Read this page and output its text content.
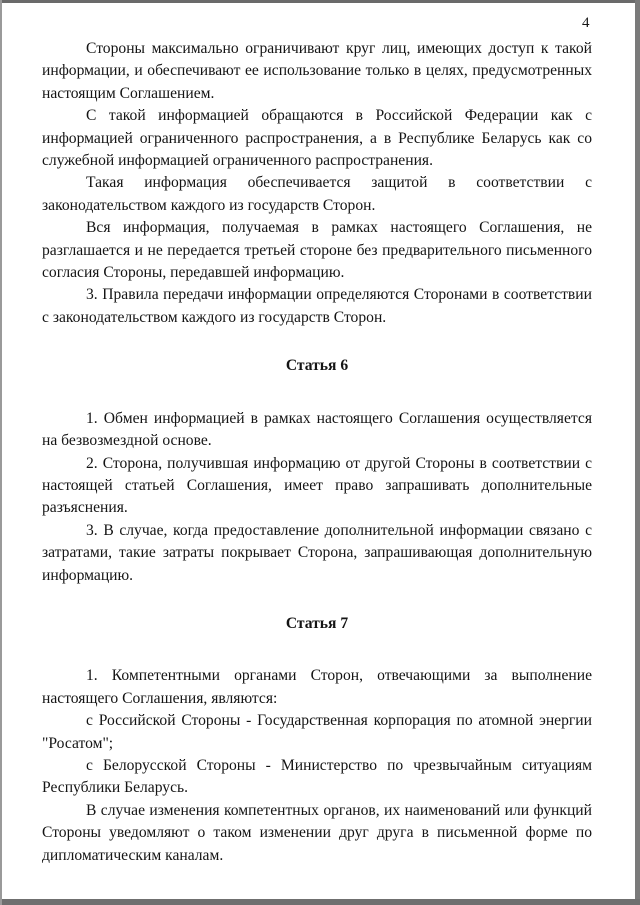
4

Стороны максимально ограничивают круг лиц, имеющих доступ к такой информации, и обеспечивают ее использование только в целях, предусмотренных настоящим Соглашением.

С такой информацией обращаются в Российской Федерации как с информацией ограниченного распространения, а в Республике Беларусь как со служебной информацией ограниченного распространения.

Такая информация обеспечивается защитой в соответствии с законодательством каждого из государств Сторон.

Вся информация, получаемая в рамках настоящего Соглашения, не разглашается и не передается третьей стороне без предварительного письменного согласия Стороны, передавшей информацию.

3. Правила передачи информации определяются Сторонами в соответствии с законодательством каждого из государств Сторон.

Статья 6

1. Обмен информацией в рамках настоящего Соглашения осуществляется на безвозмездной основе.

2. Сторона, получившая информацию от другой Стороны в соответствии с настоящей статьей Соглашения, имеет право запрашивать дополнительные разъяснения.

3. В случае, когда предоставление дополнительной информации связано с затратами, такие затраты покрывает Сторона, запрашивающая дополнительную информацию.

Статья 7

1. Компетентными органами Сторон, отвечающими за выполнение настоящего Соглашения, являются:

с Российской Стороны - Государственная корпорация по атомной энергии "Росатом";

с Белорусской Стороны - Министерство по чрезвычайным ситуациям Республики Беларусь.

В случае изменения компетентных органов, их наименований или функций Стороны уведомляют о таком изменении друг друга в письменной форме по дипломатическим каналам.
